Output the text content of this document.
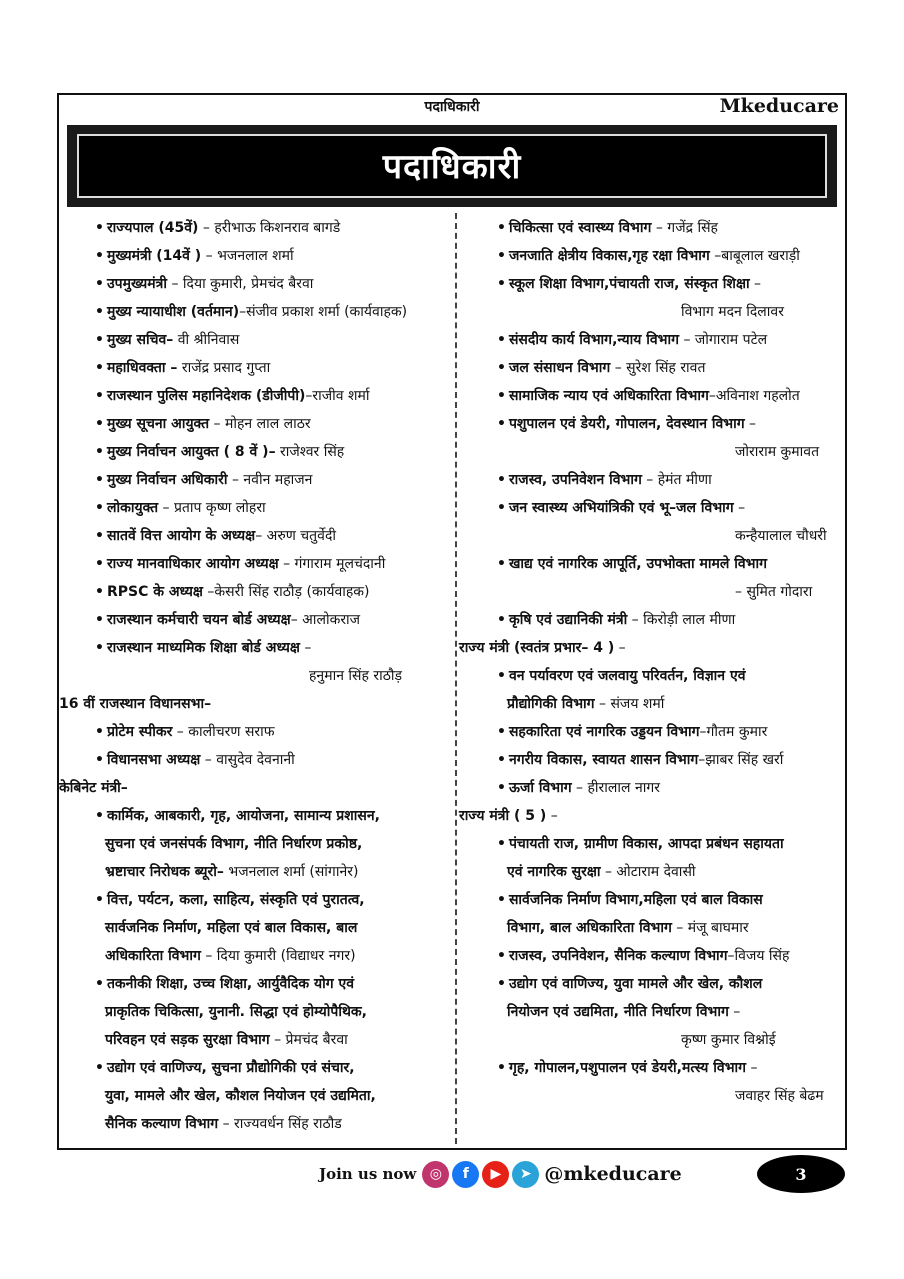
पदाधिकारी	Mkeducare
पदाधिकारी
• राज्यपाल (45वें) – हरीभाऊ किशनराव बागडे
• मुख्यमंत्री (14वें ) – भजनलाल शर्मा
• उपमुख्यमंत्री – दिया कुमारी, प्रेमचंद बैरवा
• मुख्य न्यायाधीश (वर्तमान)–संजीव प्रकाश शर्मा (कार्यवाहक)
• मुख्य सचिव– वी श्रीनिवास
• महाधिवक्ता – राजेंद्र प्रसाद गुप्ता
• राजस्थान पुलिस महानिदेशक (डीजीपी)–राजीव शर्मा
• मुख्य सूचना आयुक्त – मोहन लाल लाठर
• मुख्य निर्वाचन आयुक्त ( 8 वें )– राजेश्वर सिंह
• मुख्य निर्वाचन अधिकारी – नवीन महाजन
• लोकायुक्त – प्रताप कृष्ण लोहरा
• सातवें वित्त आयोग के अध्यक्ष– अरुण चतुर्वेदी
• राज्य मानवाधिकार आयोग अध्यक्ष – गंगाराम मूलचंदानी
• RPSC के अध्यक्ष –केसरी सिंह राठौड़ (कार्यवाहक)
• राजस्थान कर्मचारी चयन बोर्ड अध्यक्ष– आलोकराज
• राजस्थान माध्यमिक शिक्षा बोर्ड अध्यक्ष –
हनुमान सिंह राठौड़
16 वीं राजस्थान विधानसभा–
• प्रोटेम स्पीकर – कालीचरण सराफ
• विधानसभा अध्यक्ष – वासुदेव देवनानी
केबिनेट मंत्री–
• कार्मिक, आबकारी, गृह, आयोजना, सामान्य प्रशासन,
सुचना एवं जनसंपर्क विभाग, नीति निर्धारण प्रकोष्ठ,
भ्रष्टाचार निरोधक ब्यूरो– भजनलाल शर्मा (सांगानेर)
• वित्त, पर्यटन, कला, साहित्य, संस्कृति एवं पुरातत्व,
सार्वजनिक निर्माण, महिला एवं बाल विकास, बाल
अधिकारिता विभाग – दिया कुमारी (विद्याधर नगर)
• तकनीकी शिक्षा, उच्च शिक्षा, आर्युवैदिक योग एवं
प्राकृतिक चिकित्सा, युनानी. सिद्धा एवं होम्योपैथिक,
परिवहन एवं सड़क सुरक्षा विभाग – प्रेमचंद बैरवा
• उद्योग एवं वाणिज्य, सुचना प्रौद्योगिकी एवं संचार,
युवा, मामले और खेल, कौशल नियोजन एवं उद्यमिता,
सैनिक कल्याण विभाग – राज्यवर्धन सिंह राठौड
• चिकित्सा एवं स्वास्थ्य विभाग – गजेंद्र सिंह
• जनजाति क्षेत्रीय विकास,गृह रक्षा विभाग –बाबूलाल खराड़ी
• स्कूल शिक्षा विभाग,पंचायती राज, संस्कृत शिक्षा –
विभाग मदन दिलावर
• संसदीय कार्य विभाग,न्याय विभाग – जोगाराम पटेल
• जल संसाधन विभाग – सुरेश सिंह रावत
• सामाजिक न्याय एवं अधिकारिता विभाग–अविनाश गहलोत
• पशुपालन एवं डेयरी, गोपालन, देवस्थान विभाग –
जोराराम कुमावत
• राजस्व, उपनिवेशन विभाग – हेमंत मीणा
• जन स्वास्थ्य अभियांत्रिकी एवं भू–जल विभाग –
कन्हैयालाल चौधरी
• खाद्य एवं नागरिक आपूर्ति, उपभोक्ता मामले विभाग
– सुमित गोदारा
• कृषि एवं उद्यानिकी मंत्री – किरोड़ी लाल मीणा
राज्य मंत्री (स्वतंत्र प्रभार– 4 ) –
• वन पर्यावरण एवं जलवायु परिवर्तन, विज्ञान एवं
प्रौद्योगिकी विभाग – संजय शर्मा
• सहकारिता एवं नागरिक उड्डयन विभाग–गौतम कुमार
• नगरीय विकास, स्वायत शासन विभाग–झाबर सिंह खर्रा
• ऊर्जा विभाग – हीरालाल नागर
राज्य मंत्री ( 5 ) –
• पंचायती राज, ग्रामीण विकास, आपदा प्रबंधन सहायता
एवं नागरिक सुरक्षा – ओटाराम देवासी
• सार्वजनिक निर्माण विभाग,महिला एवं बाल विकास
विभाग, बाल अधिकारिता विभाग – मंजू बाघमार
• राजस्व, उपनिवेशन, सैनिक कल्याण विभाग–विजय सिंह
• उद्योग एवं वाणिज्य, युवा मामले और खेल, कौशल
नियोजन एवं उद्यमिता, नीति निर्धारण विभाग –
कृष्ण कुमार विश्नोई
• गृह, गोपालन,पशुपालन एवं डेयरी,मत्स्य विभाग –
जवाहर सिंह बेढम
Join us now ◎	f	▶	➤ @mkeducare	3
